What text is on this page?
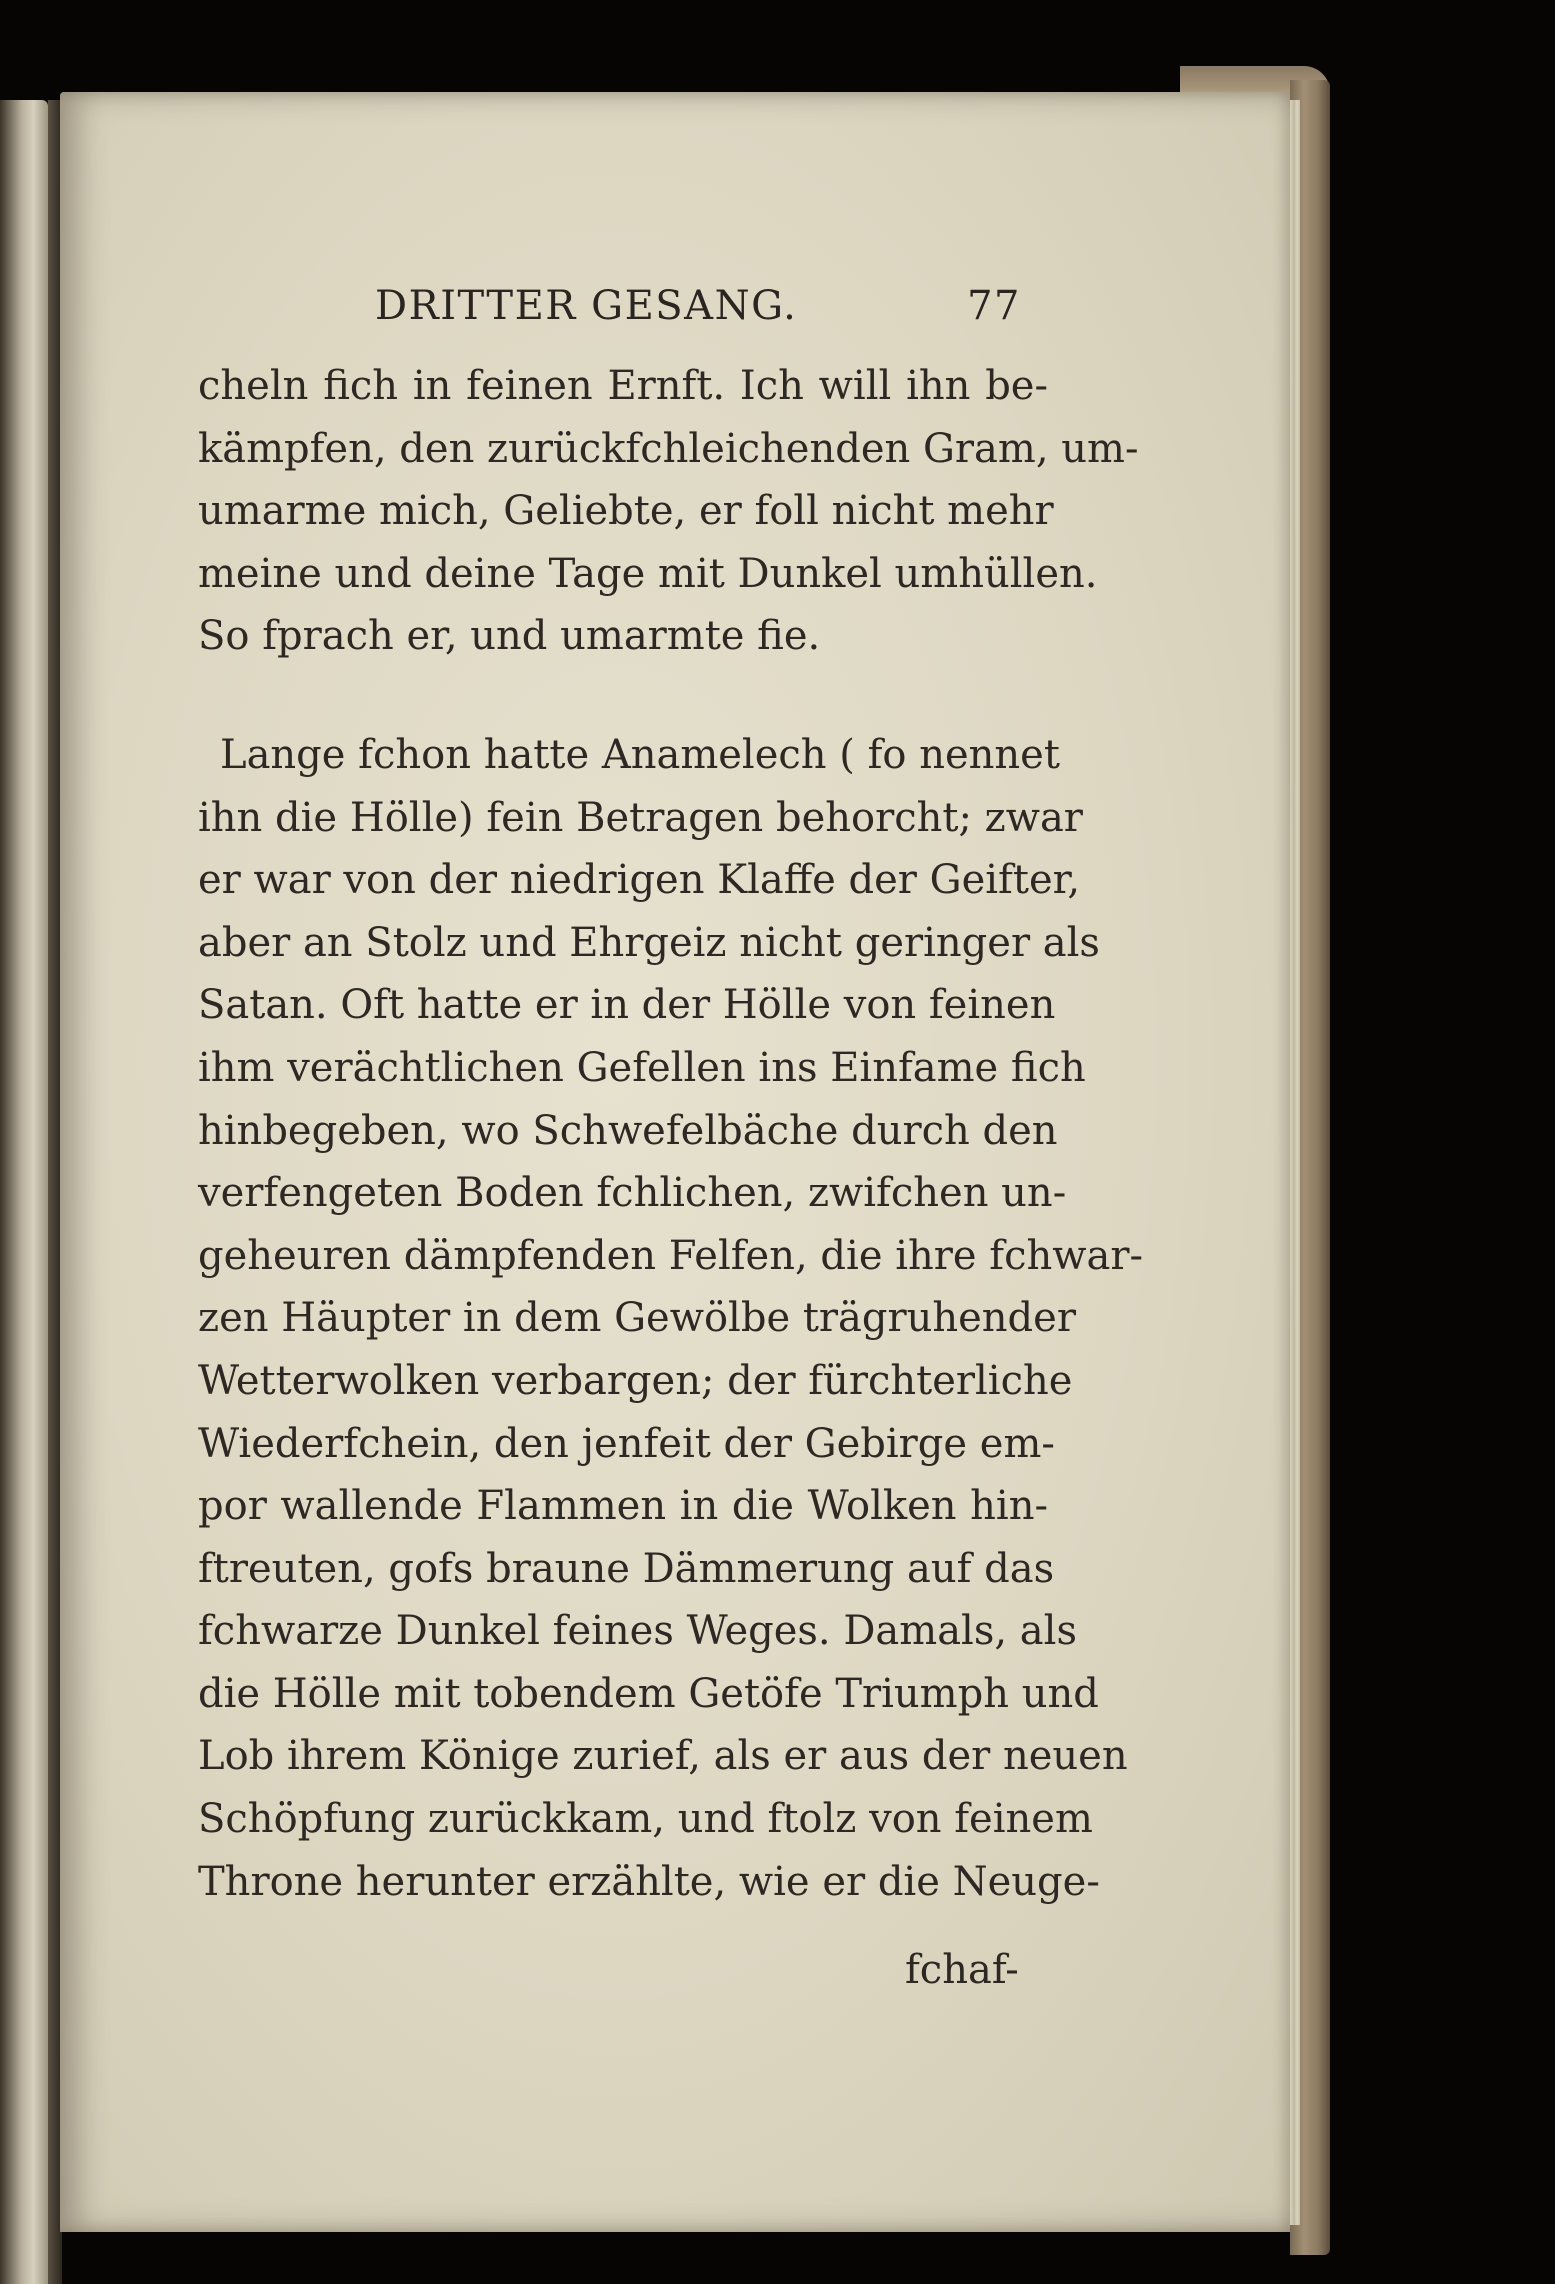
DRITTER GESANG.	77
cheln fich in feinen Ernft. Ich will ihn be-
kämpfen, den zurückfchleichenden Gram, um-
umarme mich, Geliebte, er foll nicht mehr
meine und deine Tage mit Dunkel umhüllen.
So fprach er, und umarmte fie.
Lange fchon hatte Anamelech ( fo nennet
ihn die Hölle) fein Betragen behorcht; zwar
er war von der niedrigen Klaffe der Geifter,
aber an Stolz und Ehrgeiz nicht geringer als
Satan. Oft hatte er in der Hölle von feinen
ihm verächtlichen Gefellen ins Einfame fich
hinbegeben, wo Schwefelbäche durch den
verfengeten Boden fchlichen, zwifchen un-
geheuren dämpfenden Felfen, die ihre fchwar-
zen Häupter in dem Gewölbe trägruhender
Wetterwolken verbargen; der fürchterliche
Wiederfchein, den jenfeit der Gebirge em-
por wallende Flammen in die Wolken hin-
ftreuten, gofs braune Dämmerung auf das
fchwarze Dunkel feines Weges. Damals, als
die Hölle mit tobendem Getöfe Triumph und
Lob ihrem Könige zurief, als er aus der neuen
Schöpfung zurückkam, und ftolz von feinem
Throne herunter erzählte, wie er die Neuge-
fchaf-
